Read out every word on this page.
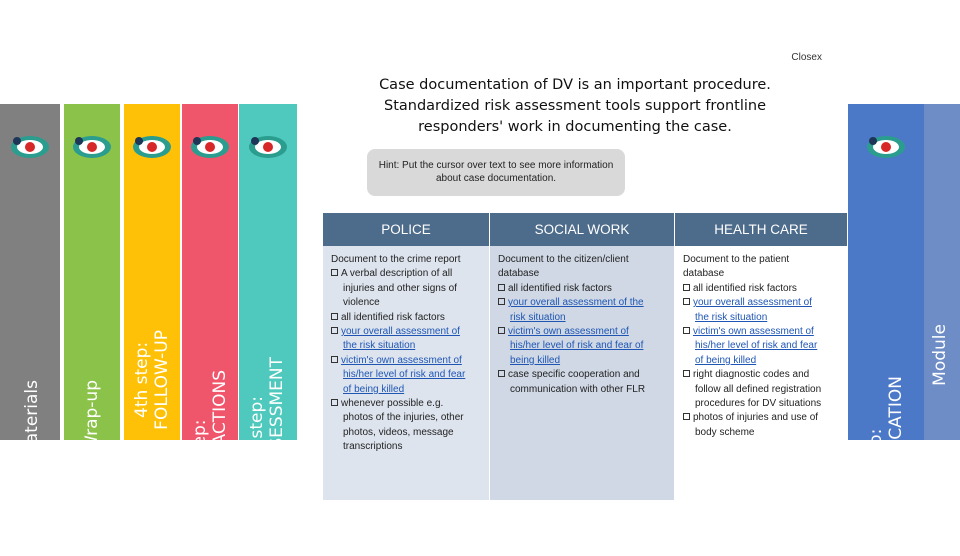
Materials Wrap-up 4th step: FOLLOW-UP
3rd step: OUTLINING ACTIONS 2nd step: RISK ASSESSMENT
Module
1st step: RISK IDENTIFICATION
Closex
Case documentation of DV is an important procedure. Standardized risk assessment tools support frontline responders' work in documenting the case.
Hint: Put the cursor over text to see more information about case documentation.
POLICE
Document to the crime report
A verbal description of all
injuries and other signs of
violence
all identified risk factors
your overall assessment of
the risk situation
victim's own assessment of
his/her level of risk and fear
of being killed
whenever possible e.g.
photos of the injuries, other
photos, videos, message
transcriptions
SOCIAL WORK
Document to the citizen/client
database
all identified risk factors
your overall assessment of the
risk situation
victim's own assessment of
his/her level of risk and fear of
being killed
case specific cooperation and
communication with other FLR
HEALTH CARE
Document to the patient
database
all identified risk factors
your overall assessment of
the risk situation
victim's own assessment of
his/her level of risk and fear
of being killed
right diagnostic codes and
follow all defined registration
procedures for DV situations
photos of injuries and use of
body scheme
